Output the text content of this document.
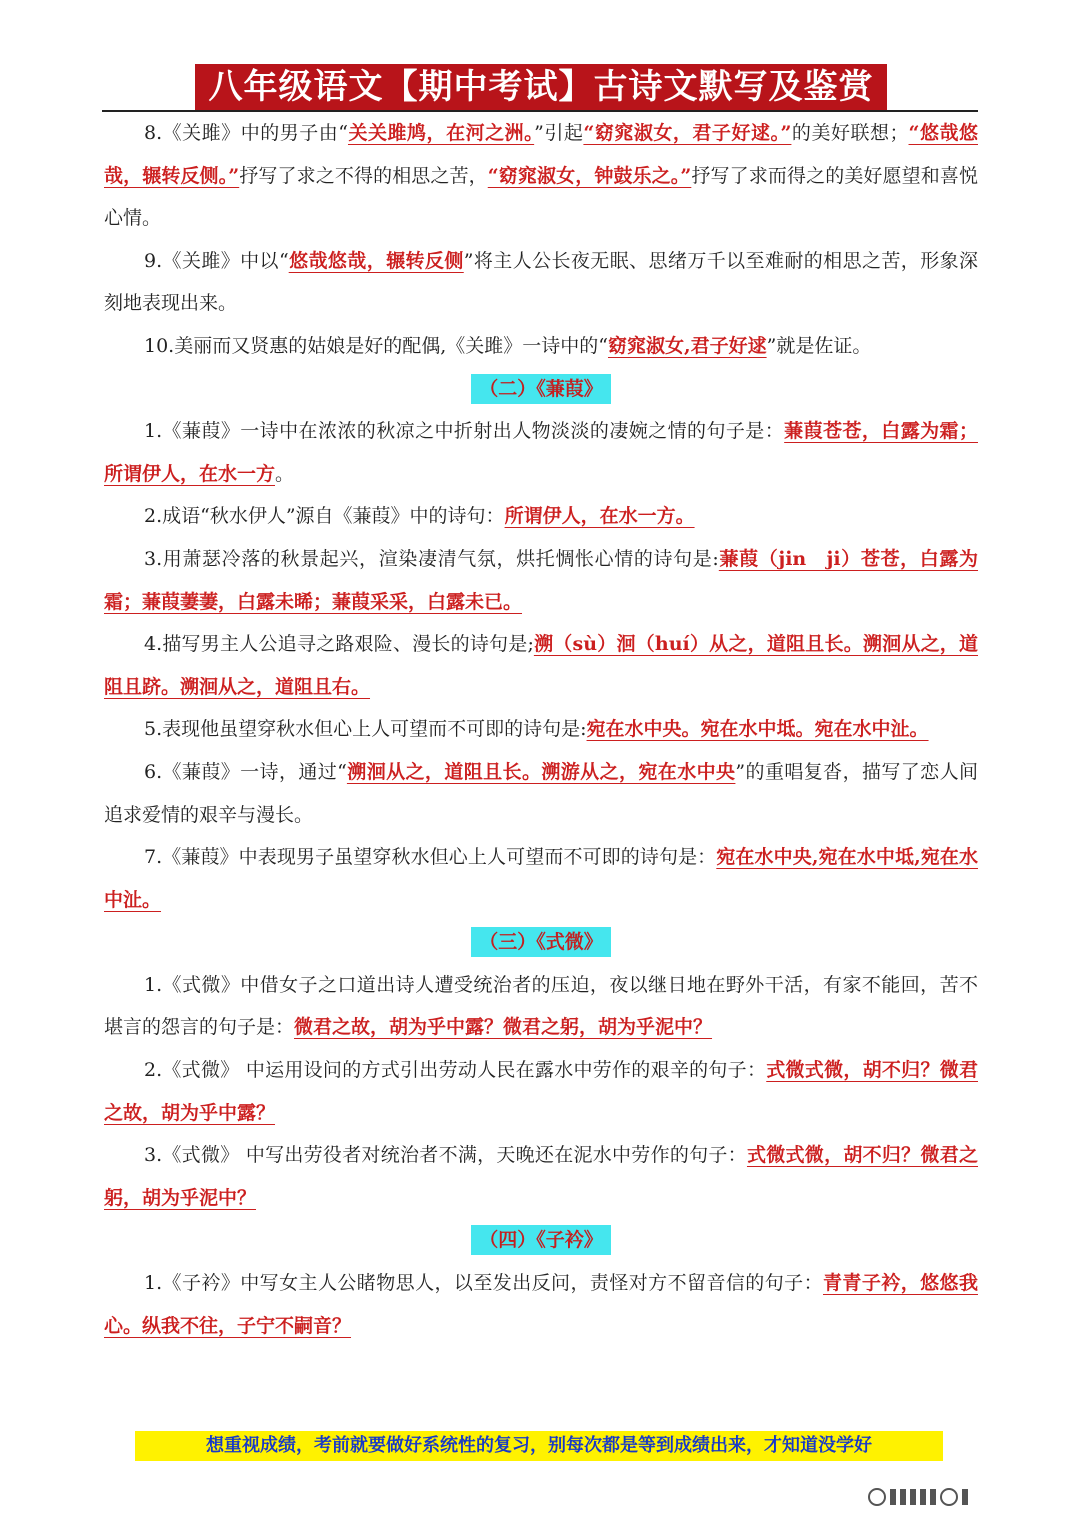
八年级语文【期中考试】古诗文默写及鉴赏

8.《关雎》中的男子由“关关雎鸠，在河之洲。”引起“窈窕淑女，君子好逑。”的美好联想；“悠哉悠哉，辗转反侧。”抒写了求之不得的相思之苦，“窈窕淑女，钟鼓乐之。”抒写了求而得之的美好愿望和喜悦心情。

9.《关雎》中以“悠哉悠哉，辗转反侧”将主人公长夜无眠、思绪万千以至难耐的相思之苦，形象深刻地表现出来。

10.美丽而又贤惠的姑娘是好的配偶,《关雎》一诗中的“窈窕淑女,君子好逑”就是佐证。

（二）《蒹葭》

1.《蒹葭》一诗中在浓浓的秋凉之中折射出人物淡淡的凄婉之情的句子是：蒹葭苍苍，白露为霜；所谓伊人，在水一方。

2.成语“秋水伊人”源自《蒹葭》中的诗句：所谓伊人，在水一方。

3.用萧瑟冷落的秋景起兴，渲染凄清气氛，烘托惆怅心情的诗句是:蒹葭（jin　ji）苍苍，白露为霜；蒹葭萋萋，白露未晞；蒹葭采采，白露未已。

4.描写男主人公追寻之路艰险、漫长的诗句是;溯（sù）洄（huí）从之，道阻且长。溯洄从之，道阻且跻。溯洄从之，道阻且右。

5.表现他虽望穿秋水但心上人可望而不可即的诗句是:宛在水中央。宛在水中坻。宛在水中沚。

6.《蒹葭》一诗，通过“溯洄从之，道阻且长。溯游从之，宛在水中央”的重唱复沓，描写了恋人间追求爱情的艰辛与漫长。

7.《蒹葭》中表现男子虽望穿秋水但心上人可望而不可即的诗句是：宛在水中央,宛在水中坻,宛在水中沚。

（三）《式微》

1.《式微》中借女子之口道出诗人遭受统治者的压迫，夜以继日地在野外干活，有家不能回，苦不堪言的怨言的句子是：微君之故，胡为乎中露？微君之躬，胡为乎泥中？

2.《式微》 中运用设问的方式引出劳动人民在露水中劳作的艰辛的句子：式微式微，胡不归？微君之故，胡为乎中露？

3.《式微》 中写出劳役者对统治者不满，天晚还在泥水中劳作的句子：式微式微，胡不归？微君之躬，胡为乎泥中？

（四）《子衿》

1.《子衿》中写女主人公睹物思人，以至发出反问，责怪对方不留音信的句子：青青子衿，悠悠我心。纵我不往，子宁不嗣音？

想重视成绩，考前就要做好系统性的复习，别每次都是等到成绩出来，才知道没学好
